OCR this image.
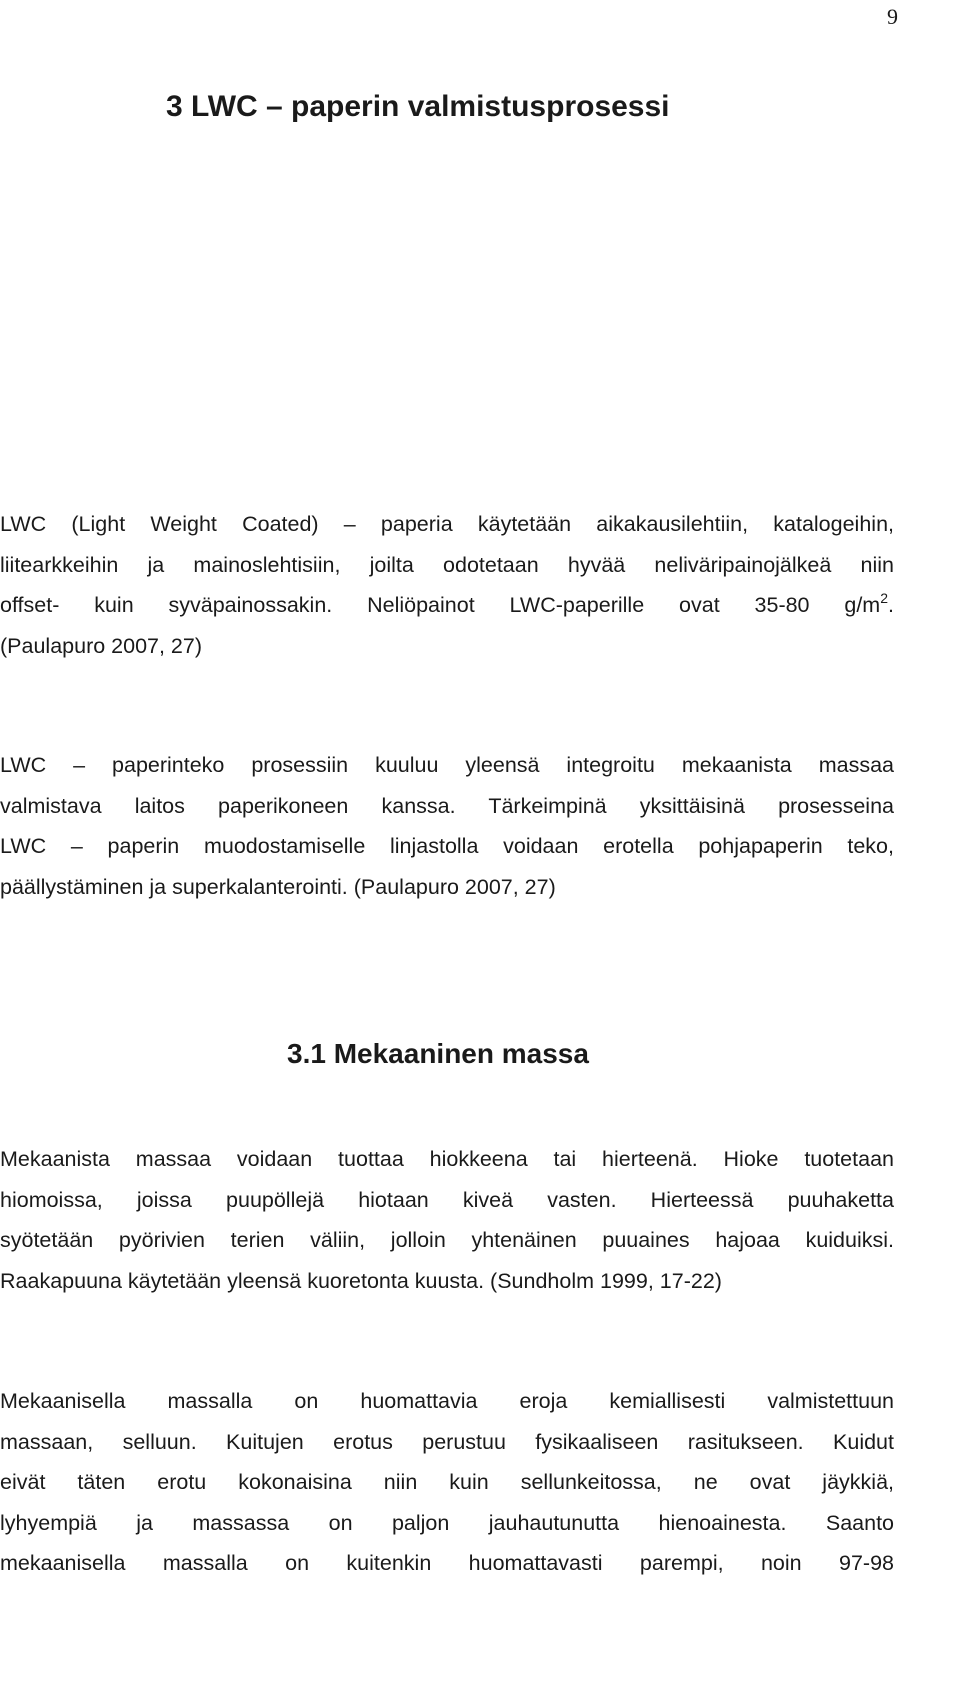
9
3 LWC – paperin valmistusprosessi
LWC (Light Weight Coated) – paperia käytetään aikakausilehtiin, katalogeihin,
liitearkkeihin ja mainoslehtisiin, joilta odotetaan hyvää neliväripainojälkeä niin
offset- kuin syväpainossakin. Neliöpainot LWC-paperille ovat 35-80 $g/m^2$.
(Paulapuro 2007, 27)
LWC – paperinteko prosessiin kuuluu yleensä integroitu mekaanista massaa
valmistava laitos paperikoneen kanssa. Tärkeimpinä yksittäisinä prosesseina
LWC – paperin muodostamiselle linjastolla voidaan erotella pohjapaperin teko,
päällystäminen ja superkalanterointi. (Paulapuro 2007, 27)
3.1 Mekaaninen massa
Mekaanista massaa voidaan tuottaa hiokkeena tai hierteenä. Hioke tuotetaan
hiomoissa, joissa puupöllejä hiotaan kiveä vasten. Hierteessä puuhaketta
syötetään pyörivien terien väliin, jolloin yhtenäinen puuaines hajoaa kuiduiksi.
Raakapuuna käytetään yleensä kuoretonta kuusta. (Sundholm 1999, 17-22)
Mekaanisella massalla on huomattavia eroja kemiallisesti valmistettuun
massaan, selluun. Kuitujen erotus perustuu fysikaaliseen rasitukseen. Kuidut
eivät täten erotu kokonaisina niin kuin sellunkeitossa, ne ovat jäykkiä,
lyhyempiä ja massassa on paljon jauhautunutta hienoainesta. Saanto
mekaanisella massalla on kuitenkin huomattavasti parempi, noin 97-98
